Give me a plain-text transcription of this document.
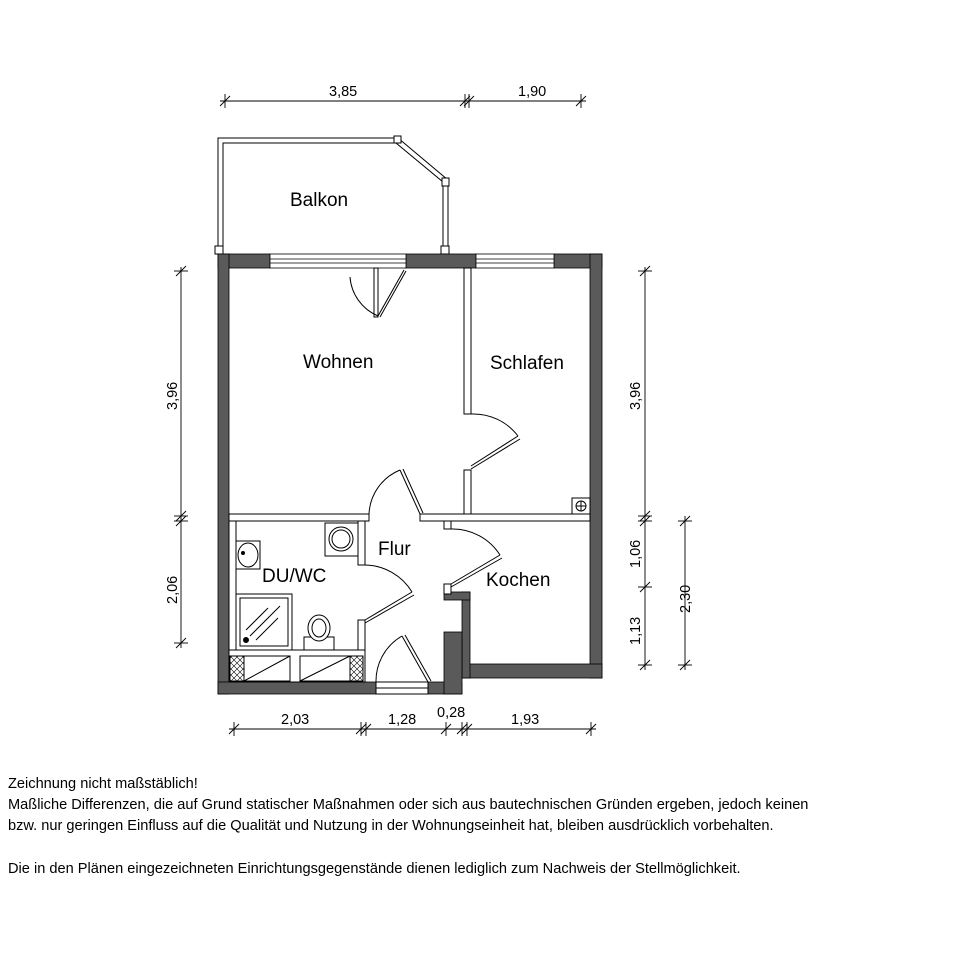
Balkon
Wohnen	Schlafen
DU/WC
Flur
Kochen
3,85	1,90
3,96
2,06
3,96
1,06
1,13
2,30
2,03	1,28 0,28	1,93

Zeichnung nicht maßstäblich!

Maßliche Differenzen, die auf Grund statischer Maßnahmen oder sich aus bautechnischen Gründen ergeben, jedoch keinen

bzw. nur geringen Einfluss auf die Qualität und Nutzung in der Wohnungseinheit hat, bleiben ausdrücklich vorbehalten.

Die in den Plänen eingezeichneten Einrichtungsgegenstände dienen lediglich zum Nachweis der Stellmöglichkeit.
